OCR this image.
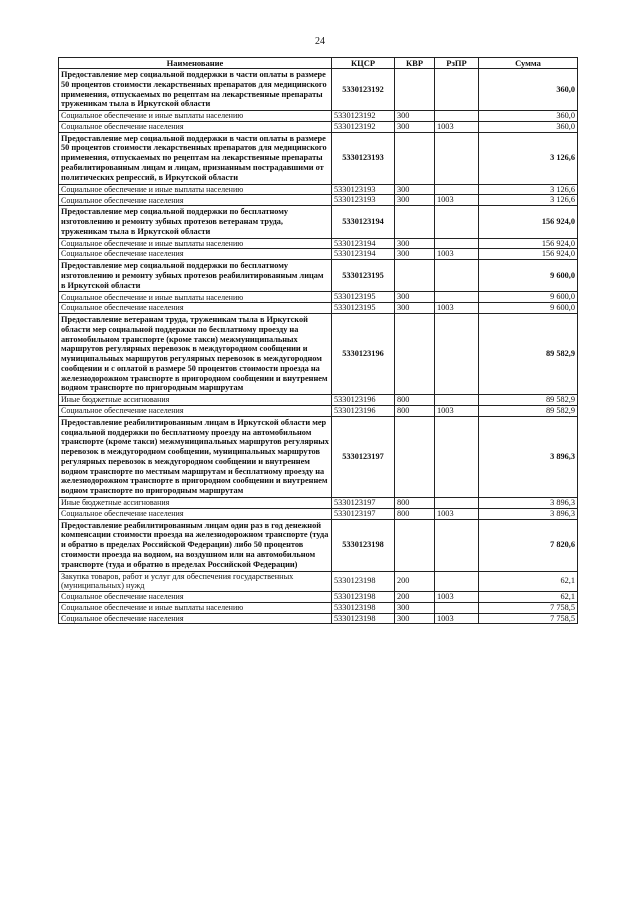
24
Наименование	КЦСР	КВР	РзПР	Сумма
Предоставление мер социальной поддержки в части оплаты в размере 50 процентов стоимости лекарственных препаратов для медицинского применения, отпускаемых по рецептам на лекарственные препараты труженикам тыла в Иркутской области	5330123192			360,0
Социальное обеспечение и иные выплаты населению	5330123192	300		360,0
Социальное обеспечение населения	5330123192	300	1003	360,0
Предоставление мер социальной поддержки в части оплаты в размере 50 процентов стоимости лекарственных препаратов для медицинского применения, отпускаемых по рецептам на лекарственные препараты реабилитированным лицам и лицам, признанным пострадавшими от политических репрессий, в Иркутской области	5330123193			3 126,6
Социальное обеспечение и иные выплаты населению	5330123193	300		3 126,6
Социальное обеспечение населения	5330123193	300	1003	3 126,6
Предоставление мер социальной поддержки по бесплатному изготовлению и ремонту зубных протезов ветеранам труда, труженикам тыла в Иркутской области	5330123194			156 924,0
Социальное обеспечение и иные выплаты населению	5330123194	300		156 924,0
Социальное обеспечение населения	5330123194	300	1003	156 924,0
Предоставление мер социальной поддержки по бесплатному изготовлению и ремонту зубных протезов реабилитированным лицам в Иркутской области	5330123195			9 600,0
Социальное обеспечение и иные выплаты населению	5330123195	300		9 600,0
Социальное обеспечение населения	5330123195	300	1003	9 600,0
Предоставление ветеранам труда, труженикам тыла в Иркутской области мер социальной поддержки по бесплатному проезду на автомобильном транспорте (кроме такси) межмуниципальных маршрутов регулярных перевозок в междугородном сообщении и муниципальных маршрутов регулярных перевозок в междугородном сообщении и с оплатой в размере 50 процентов стоимости проезда на железнодорожном транспорте в пригородном сообщении и внутреннем водном транспорте по пригородным маршрутам	5330123196			89 582,9
Иные бюджетные ассигнования	5330123196	800		89 582,9
Социальное обеспечение населения	5330123196	800	1003	89 582,9
Предоставление реабилитированным лицам в Иркутской области мер социальной поддержки по бесплатному проезду на автомобильном транспорте (кроме такси) межмуниципальных маршрутов регулярных перевозок в междугородном сообщении, муниципальных маршрутов регулярных перевозок в междугородном сообщении и внутреннем водном транспорте по местным маршрутам и бесплатному проезду на железнодорожном транспорте в пригородном сообщении и внутреннем водном транспорте по пригородным маршрутам	5330123197			3 896,3
Иные бюджетные ассигнования	5330123197	800		3 896,3
Социальное обеспечение населения	5330123197	800	1003	3 896,3
Предоставление реабилитированным лицам один раз в год денежной компенсации стоимости проезда на железнодорожном транспорте (туда и обратно в пределах Российской Федерации) либо 50 процентов стоимости проезда на водном, на воздушном или на автомобильном транспорте (туда и обратно в пределах Российской Федерации)	5330123198			7 820,6
Закупка товаров, работ и услуг для обеспечения государственных (муниципальных) нужд	5330123198	200		62,1
Социальное обеспечение населения	5330123198	200	1003	62,1
Социальное обеспечение и иные выплаты населению	5330123198	300		7 758,5
Социальное обеспечение населения	5330123198	300	1003	7 758,5
